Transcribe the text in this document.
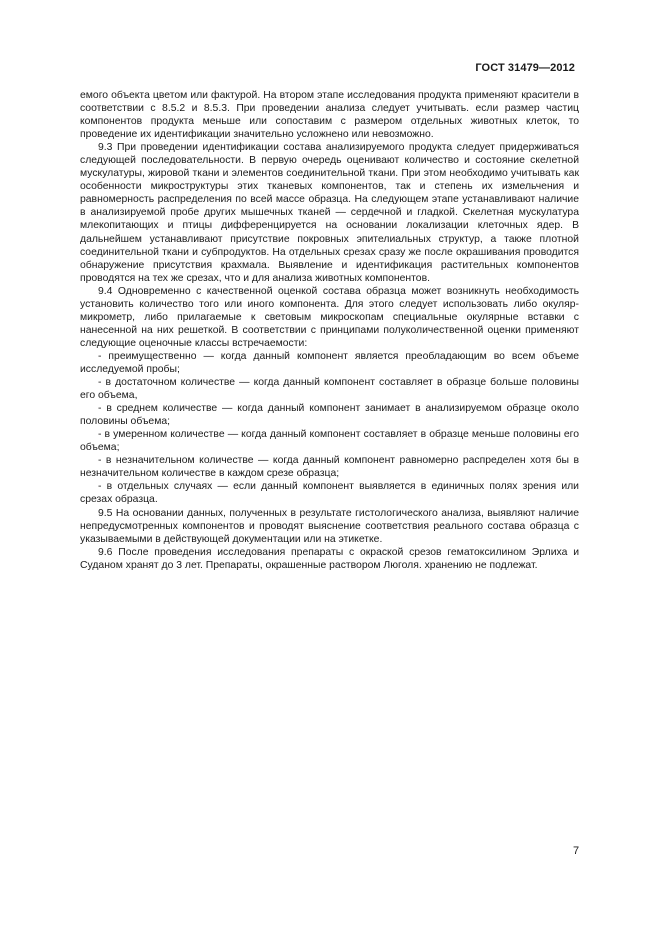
ГОСТ 31479—2012

емого объекта цветом или фактурой. На втором этапе исследования продукта применяют красители в соответствии с 8.5.2 и 8.5.3. При проведении анализа следует учитывать. если размер частиц компонентов продукта меньше или сопоставим с размером отдельных животных клеток, то проведение их идентификации значительно усложнено или невозможно.

9.3 При проведении идентификации состава анализируемого продукта следует придерживаться следующей последовательности. В первую очередь оценивают количество и состояние скелетной мускулатуры, жировой ткани и элементов соединительной ткани. При этом необходимо учитывать как особенности микроструктуры этих тканевых компонентов, так и степень их измельчения и равномерность распределения по всей массе образца. На следующем этапе устанавливают наличие в анализируемой пробе других мышечных тканей — сердечной и гладкой. Скелетная мускулатура млекопитающих и птицы дифференцируется на основании локализации клеточных ядер. В дальнейшем устанавливают присутствие покровных эпителиальных структур, а также плотной соединительной ткани и субпродуктов. На отдельных срезах сразу же после окрашивания проводится обнаружение присутствия крахмала. Выявление и идентификация растительных компонентов проводятся на тех же срезах, что и для анализа животных компонентов.

9.4 Одновременно с качественной оценкой состава образца может возникнуть необходимость установить количество того или иного компонента. Для этого следует использовать либо окуляр-микрометр, либо прилагаемые к световым микроскопам специальные окулярные вставки с нанесенной на них решеткой. В соответствии с принципами полуколичественной оценки применяют следующие оценочные классы встречаемости:

- преимущественно — когда данный компонент является преобладающим во всем объеме исследуемой пробы;

- в достаточном количестве — когда данный компонент составляет в образце больше половины его объема,

- в среднем количестве — когда данный компонент занимает в анализируемом образце около половины объема;

- в умеренном количестве — когда данный компонент составляет в образце меньше половины его объема;

- в незначительном количестве — когда данный компонент равномерно распределен хотя бы в незначительном количестве в каждом срезе образца;

- в отдельных случаях — если данный компонент выявляется в единичных полях зрения или срезах образца.

9.5 На основании данных, полученных в результате гистологического анализа, выявляют наличие непредусмотренных компонентов и проводят выяснение соответствия реального состава образца с указываемыми в действующей документации или на этикетке.

9.6 После проведения исследования препараты с окраской срезов гематоксилином Эрлиха и Суданом хранят до 3 лет. Препараты, окрашенные раствором Люголя. хранению не подлежат.

7
